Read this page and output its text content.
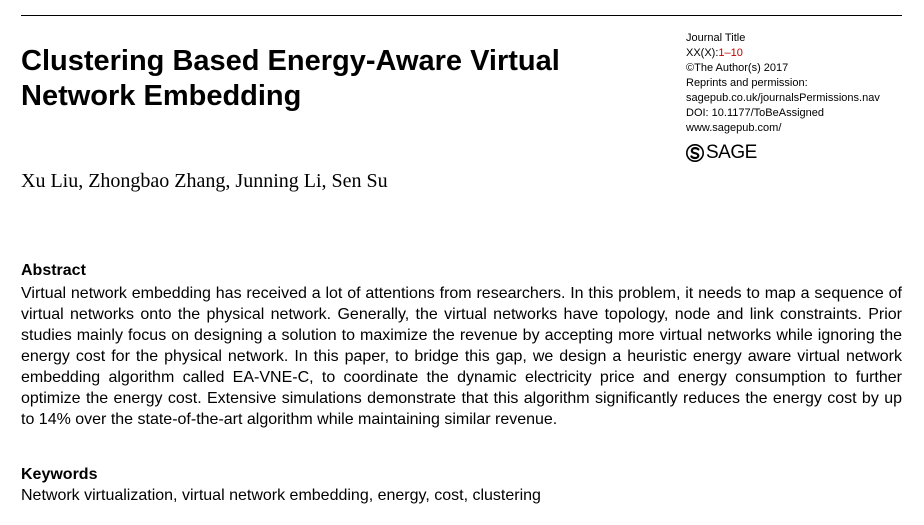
Clustering Based Energy-Aware Virtual
Network Embedding
Journal Title
XX(X):1–10
©The Author(s) 2017
Reprints and permission:
sagepub.co.uk/journalsPermissions.nav
DOI: 10.1177/ToBeAssigned
www.sagepub.com/
SAGE
Xu Liu, Zhongbao Zhang, Junning Li, Sen Su
Abstract

Virtual network embedding has received a lot of attentions from researchers. In this problem, it needs to map a sequence of virtual networks onto the physical network. Generally, the virtual networks have topology, node and link constraints. Prior studies mainly focus on designing a solution to maximize the revenue by accepting more virtual networks while ignoring the energy cost for the physical network. In this paper, to bridge this gap, we design a heuristic energy aware virtual network embedding algorithm called EA-VNE-C, to coordinate the dynamic electricity price and energy consumption to further optimize the energy cost. Extensive simulations demonstrate that this algorithm significantly reduces the energy cost by up to 14% over the state-of-the-art algorithm while maintaining similar revenue.

Keywords

Network virtualization, virtual network embedding, energy, cost, clustering
